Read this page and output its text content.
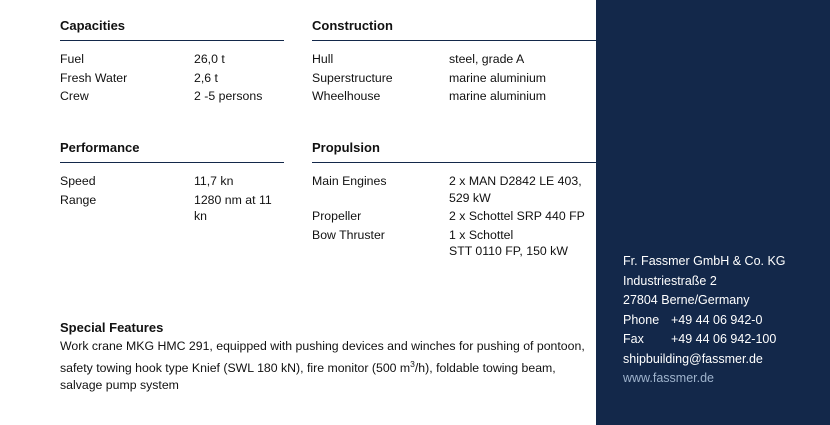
Capacities
Fuel	26,0 t
Fresh Water	2,6 t
Crew	2 -5 persons
Construction
Hull	steel, grade A
Superstructure	marine aluminium
Wheelhouse	marine aluminium
Performance
Speed	11,7 kn
Range	1280 nm at 11 kn
Propulsion
Main Engines	2 x MAN D2842 LE 403,
529 kW
Propeller	2 x Schottel SRP 440 FP
Bow Thruster	1 x Schottel
STT 0110 FP, 150 kW
Special Features
Work crane MKG HMC 291, equipped with pushing devices and winches for pushing of pontoon, safety towing hook type Knief (SWL 180 kN), fire monitor (500 $m^3/h$), foldable towing beam, salvage pump system
Fr. Fassmer GmbH & Co. KG
Industriestraße 2
27804 Berne/Germany
Phone +49 44 06 942-0
Fax +49 44 06 942-100
shipbuilding@fassmer.de
www.fassmer.de
